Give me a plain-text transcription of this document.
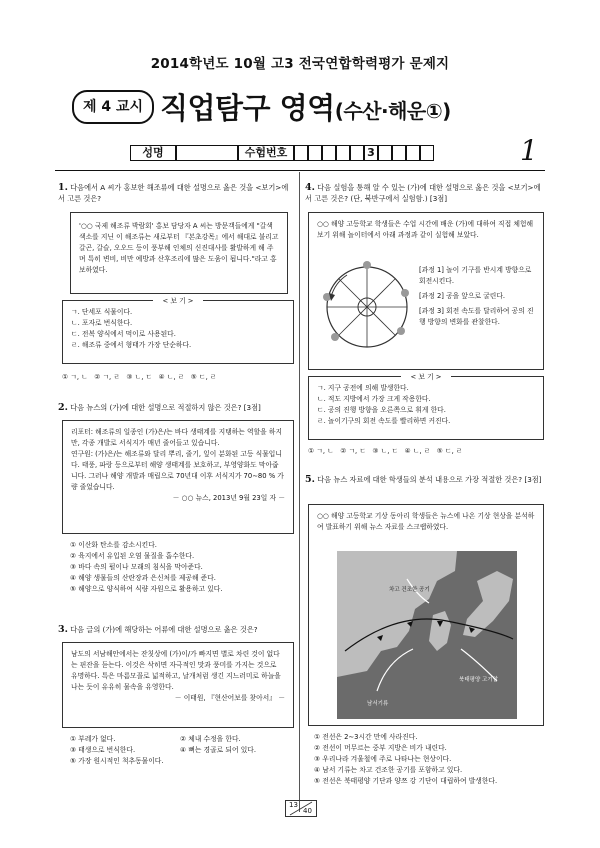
2014학년도 10월 고3 전국연합학력평가 문제지
제 4 교시 직업탐구 영역(수산·해운①)
성명	수험번호	3	1
1. 다음에서 A 씨가 홍보한 해조류에 대한 설명으로 옳은 것을 <보기>에서 고른 것은?
'○○ 국제 해조류 박람회' 홍보 담당자 A 씨는 방문객들에게 "갈색 색소를 지닌 이 해조류는 새로부터 『본초강목』에서 해대로 불리고 갈곤, 갈슬, 오오드 등이 풍부해 인체의 신진대사를 활발하게 해 주며 특히 변비, 비만 예방과 산후조리에 많은 도움이 됩니다."라고 홍보하였다.
< 보 기 >
ㄱ. 단세포 식물이다.
ㄴ. 포자로 번식한다.
ㄷ. 전복 양식에서 먹이로 사용된다.
ㄹ. 해조류 중에서 형태가 가장 단순하다.
① ㄱ, ㄴ   ② ㄱ, ㄹ   ③ ㄴ, ㄷ   ④ ㄴ, ㄹ   ⑤ ㄷ, ㄹ
2. 다음 뉴스의 (가)에 대한 설명으로 적절하지 않은 것은? [3점]
리포터: 해조류의 일종인 (가)은/는 바다 생태계를 지탱하는 역할을 하지만, 각종 개발로 서식지가 매년 줄어들고 있습니다.
연구원: (가)은/는 해조류와 달리 뿌리, 줄기, 잎이 분화된 고등 식물입니다. 태풍, 파랑 등으로부터 해양 생태계를 보호하고, 부영양화도 막아줍니다. 그러나 해양 개발과 매립으로 70년대 이후 서식지가 70∼80 % 가량 줄었습니다.
－ ○○ 뉴스, 2013년 9월 23일 자 －
① 이산화 탄소를 감소시킨다.
② 육지에서 유입된 오염 물질을 흡수한다.
③ 바다 속의 펄이나 모래의 침식을 막아준다.
④ 해양 생물들의 산란장과 은신처를 제공해 준다.
⑤ 해양으로 양식하여 식량 자원으로 활용하고 있다.
3. 다음 글의 (가)에 해당하는 어류에 대한 설명으로 옳은 것은?
남도의 서남해안에서는 잔칫상에 (가)이/가 빠지면 별로 차린 것이 없다는 핀잔을 듣는다. 이것은 삭히면 자극적인 맛과 풍미를 가지는 것으로 유명하다. 특은 마름모꼴로 넓적하고, 날개처럼 생긴 지느러미로 하늘을 나는 듯이 유유히 물속을 유영한다.
－ 이태원, 『현산어보를 찾아서』 －
① 부레가 없다.	② 체내 수정을 한다.
③ 태생으로 번식한다.	④ 뼈는 경골로 되어 있다.
⑤ 가장 원시적인 척추동물이다.
4. 다음 실험을 통해 알 수 있는 (가)에 대한 설명으로 옳은 것을 <보기>에서 고른 것은? (단, 북반구에서 실험함.) [3점]
○○ 해양 고등학교 학생들은 수업 시간에 배운 (가)에 대하여 직접 체험해 보기 위해 놀이터에서 아래 과정과 같이 실험해 보았다.
[과정 1] 놀이 기구를 반시계 방향으로 회전시킨다.
[과정 2] 공을 앞으로 굴린다.
[과정 3] 회전 속도를 달리하여 공의 진행 방향의 변화를 관찰한다.
< 보 기 >
ㄱ. 지구 공전에 의해 발생한다.
ㄴ. 적도 지방에서 가장 크게 작용한다.
ㄷ. 공의 진행 방향을 오른쪽으로 휘게 한다.
ㄹ. 놀이기구의 회전 속도를 빨리하면 커진다.
① ㄱ, ㄴ   ② ㄱ, ㄷ   ③ ㄴ, ㄷ   ④ ㄴ, ㄹ   ⑤ ㄷ, ㄹ
5. 다음 뉴스 자료에 대한 학생들의 분석 내용으로 가장 적절한 것은? [3점]
○○ 해양 고등학교 기상 동아리 학생들은 뉴스에 나온 기상 현상을 분석하여 발표하기 위해 뉴스 자료를 스크랩하였다.
차고 건조한 공기
북태평양 고기압
남서기류
① 전선은 2∼3시간 만에 사라진다.
② 전선이 머무르는 중부 지방은 비가 내린다.
③ 우리나라 겨울철에 주로 나타나는 현상이다.
④ 남서 기류는 차고 건조한 공기를 포함하고 있다.
⑤ 전선은 북태평양 기단과 양쯔 강 기단이 대립하여 발생한다.
13
40
